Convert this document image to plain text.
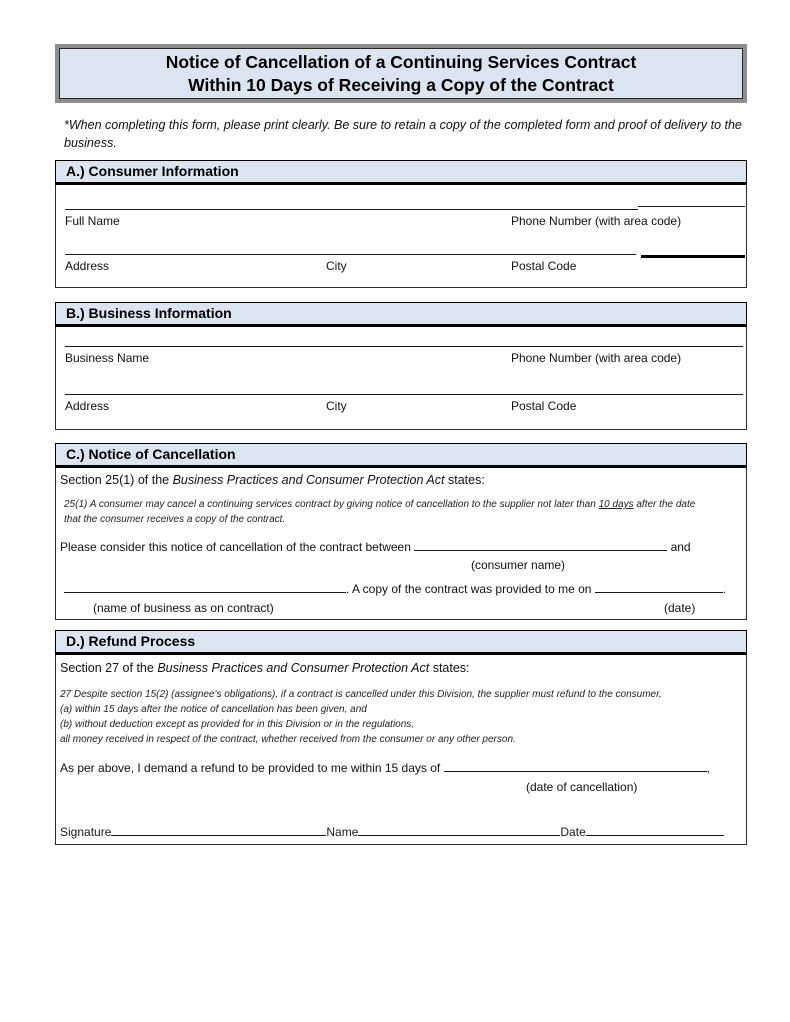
Notice of Cancellation of a Continuing Services Contract
Within 10 Days of Receiving a Copy of the Contract
*When completing this form, please print clearly. Be sure to retain a copy of the completed form and proof of delivery to the business.
A.) Consumer Information
Full Name	Phone Number (with area code)
Address	City	Postal Code
B.) Business Information
Business Name	Phone Number (with area code)
Address	City	Postal Code
C.) Notice of Cancellation
Section 25(1) of the Business Practices and Consumer Protection Act states:
25(1) A consumer may cancel a continuing services contract by giving notice of cancellation to the supplier not later than 10 days after the date
that the consumer receives a copy of the contract.
Please consider this notice of cancellation of the contract between	and
(consumer name)
. A copy of the contract was provided to me on	.
(name of business as on contract)	(date)
D.) Refund Process
Section 27 of the Business Practices and Consumer Protection Act states:
27 Despite section 15(2) (assignee's obligations), if a contract is cancelled under this Division, the supplier must refund to the consumer,
(a) within 15 days after the notice of cancellation has been given, and
(b) without deduction except as provided for in this Division or in the regulations,
all money received in respect of the contract, whether received from the consumer or any other person.
As per above, I demand a refund to be provided to me within 15 days of	,
(date of cancellation)
Signature	Name	Date
